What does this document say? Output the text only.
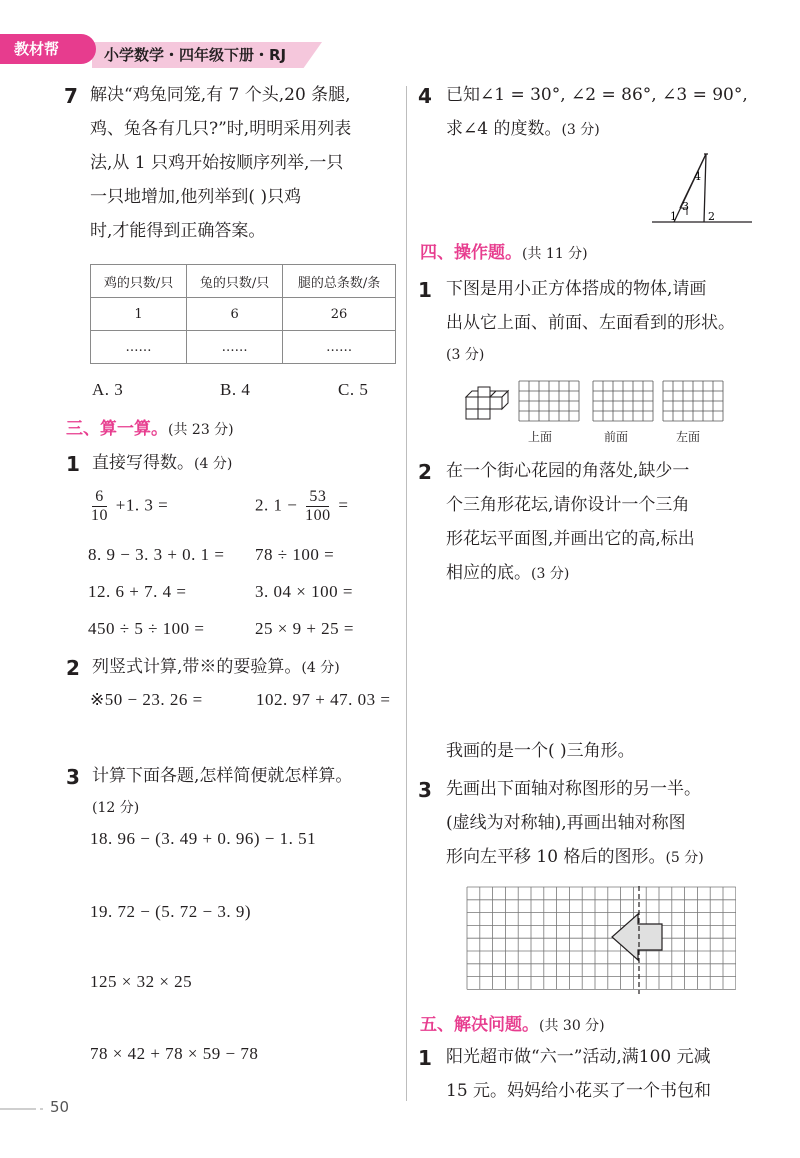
教材帮	小学数学・四年级下册・RJ
7 解决“鸡兔同笼,有 7 个头,20 条腿,
鸡、兔各有几只?”时,明明采用列表
法,从 1 只鸡开始按顺序列举,一只
一只地增加,他列举到( )只鸡
时,才能得到正确答案。
鸡的只数/只	兔的只数/只	腿的总条数/条
1	6	26
……	……	……
A. 3	B. 4	C. 5
三、算一算。(共 23 分)
1 直接写得数。(4 分)
$\frac{6}{10} +1$. 3 =	2. $1 - \frac{53}{100}$ =
8. 9 − 3. 3 + 0. 1 = 78 ÷ 100 =
12. 6 + 7. 4 =	3. 04 × 100 =
450 ÷ 5 ÷ 100 =	25 × 9 + 25 =
2 列竖式计算,带※的要验算。(4 分)
※50 − 23. 26 =	102. 97 + 47. 03 =
3 计算下面各题,怎样简便就怎样算。
(12 分)
18. 96 − (3. 49 + 0. 96) − 1. 51
19. 72 − (5. 72 − 3. 9)
125 × 32 × 25
78 × 42 + 78 × 59 − 78
4 已知∠1 = 30°, ∠2 = 86°, ∠3 = 90°,
求∠4 的度数。(3 分)
4
3
1	2
四、操作题。(共 11 分)
1 下图是用小正方体搭成的物体,请画
出从它上面、前面、左面看到的形状。
(3 分)
上面	前面	左面
2 在一个街心花园的角落处,缺少一
个三角形花坛,请你设计一个三角
形花坛平面图,并画出它的高,标出
相应的底。(3 分)
我画的是一个( )三角形。
3 先画出下面轴对称图形的另一半。
(虚线为对称轴),再画出轴对称图
形向左平移 10 格后的图形。(5 分)
五、解决问题。(共 30 分)
1 阳光超市做“六一”活动,满100 元减
15 元。妈妈给小花买了一个书包和
50
